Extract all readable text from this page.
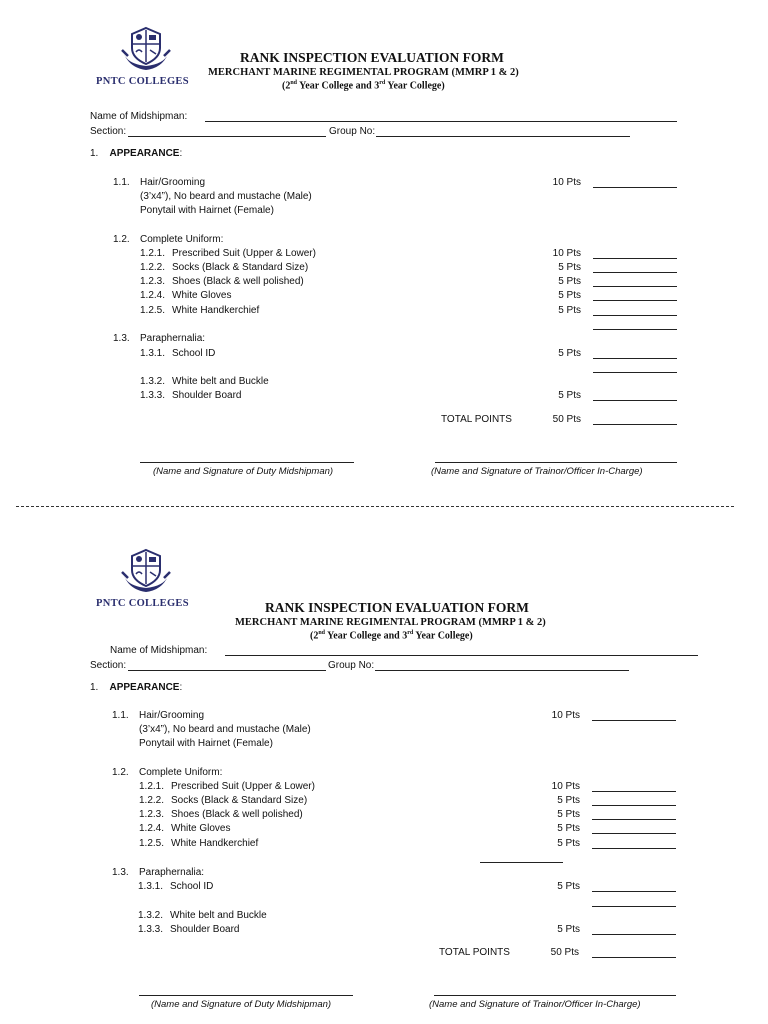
PNTC COLLEGES
RANK INSPECTION EVALUATION FORM
MERCHANT MARINE REGIMENTAL PROGRAM (MMRP 1 & 2)
(2nd Year College and 3rd Year College)
Name of Midshipman:
Section:	Group No:
1. APPEARANCE:
1.1. Hair/Grooming	10 Pts
(3’x4”), No beard and mustache (Male)
Ponytail with Hairnet (Female)
1.2. Complete Uniform:
1.2.1. Prescribed Suit (Upper & Lower)	10 Pts
1.2.2. Socks (Black & Standard Size)	5 Pts
1.2.3. Shoes (Black & well polished)	5 Pts
1.2.4. White Gloves	5 Pts
1.2.5. White Handkerchief	5 Pts
1.3. Paraphernalia:
1.3.1. School ID	5 Pts
1.3.2. White belt and Buckle
1.3.3. Shoulder Board	5 Pts
TOTAL POINTS	50 Pts
(Name and Signature of Duty Midshipman)	(Name and Signature of Trainor/Officer In-Charge)
PNTC COLLEGES	RANK INSPECTION EVALUATION FORM
MERCHANT MARINE REGIMENTAL PROGRAM (MMRP 1 & 2)
(2nd Year College and 3rd Year College)
Name of Midshipman:
Section:	Group No:
1. APPEARANCE:
1.1. Hair/Grooming	10 Pts
(3’x4”), No beard and mustache (Male)
Ponytail with Hairnet (Female)
1.2. Complete Uniform:
1.2.1. Prescribed Suit (Upper & Lower)	10 Pts
1.2.2. Socks (Black & Standard Size)	5 Pts
1.2.3. Shoes (Black & well polished)	5 Pts
1.2.4. White Gloves	5 Pts
1.2.5. White Handkerchief	5 Pts
1.3. Paraphernalia:
1.3.1. School ID	5 Pts
1.3.2. White belt and Buckle
1.3.3. Shoulder Board	5 Pts
TOTAL POINTS	50 Pts
(Name and Signature of Duty Midshipman)	(Name and Signature of Trainor/Officer In-Charge)
